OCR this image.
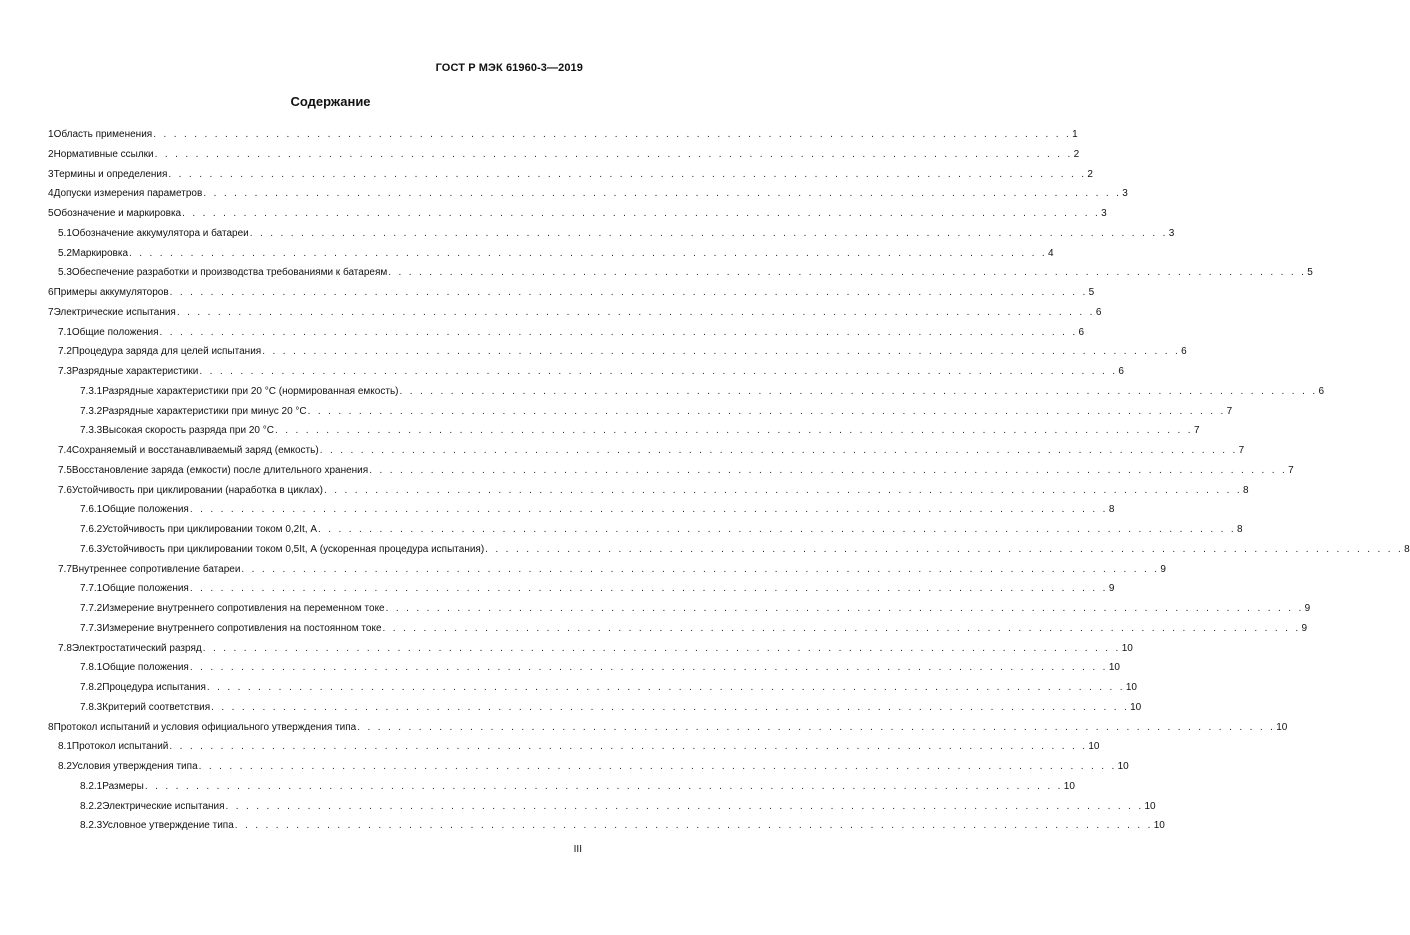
ГОСТ Р МЭК 61960-3—2019
Содержание
1 Область применения . . . . . . . . . . . . . . . . . . . . . . . . . . . . . . . . . . . . . . . . . . . . . . . . . . . . . . . . . . . . . . . . . . . . . . . . . . . . . . . . . . . . . . . . . . 1
2 Нормативные ссылки . . . . . . . . . . . . . . . . . . . . . . . . . . . . . . . . . . . . . . . . . . . . . . . . . . . . . . . . . . . . . . . . . . . . . . . . . . . . . . . . . . . . . . . . . . 2
3 Термины и определения . . . . . . . . . . . . . . . . . . . . . . . . . . . . . . . . . . . . . . . . . . . . . . . . . . . . . . . . . . . . . . . . . . . . . . . . . . . . . . . . . . . . . . . . . . 2
4 Допуски измерения параметров . . . . . . . . . . . . . . . . . . . . . . . . . . . . . . . . . . . . . . . . . . . . . . . . . . . . . . . . . . . . . . . . . . . . . . . . . . . . . . . . . . . . . . . . . . 3
5 Обозначение и маркировка . . . . . . . . . . . . . . . . . . . . . . . . . . . . . . . . . . . . . . . . . . . . . . . . . . . . . . . . . . . . . . . . . . . . . . . . . . . . . . . . . . . . . . . . . . 3
5.1 Обозначение аккумулятора и батареи . . . . . . . . . . . . . . . . . . . . . . . . . . . . . . . . . . . . . . . . . . . . . . . . . . . . . . . . . . . . . . . . . . . . . . . . . . . . . . . . . . . . . . . . . . 3
5.2 Маркировка . . . . . . . . . . . . . . . . . . . . . . . . . . . . . . . . . . . . . . . . . . . . . . . . . . . . . . . . . . . . . . . . . . . . . . . . . . . . . . . . . . . . . . . . . . 4
5.3 Обеспечение разработки и производства требованиями к батареям . . . . . . . . . . . . . . . . . . . . . . . . . . . . . . . . . . . . . . . . . . . . . . . . . . . . . . . . . . . . . . . . . . . . . . . . . . . . . . . . . . . . . . . . . . 5
6 Примеры аккумуляторов . . . . . . . . . . . . . . . . . . . . . . . . . . . . . . . . . . . . . . . . . . . . . . . . . . . . . . . . . . . . . . . . . . . . . . . . . . . . . . . . . . . . . . . . . . 5
7 Электрические испытания . . . . . . . . . . . . . . . . . . . . . . . . . . . . . . . . . . . . . . . . . . . . . . . . . . . . . . . . . . . . . . . . . . . . . . . . . . . . . . . . . . . . . . . . . . 6
7.1 Общие положения . . . . . . . . . . . . . . . . . . . . . . . . . . . . . . . . . . . . . . . . . . . . . . . . . . . . . . . . . . . . . . . . . . . . . . . . . . . . . . . . . . . . . . . . . . 6
7.2 Процедура заряда для целей испытания . . . . . . . . . . . . . . . . . . . . . . . . . . . . . . . . . . . . . . . . . . . . . . . . . . . . . . . . . . . . . . . . . . . . . . . . . . . . . . . . . . . . . . . . . . 6
7.3 Разрядные характеристики . . . . . . . . . . . . . . . . . . . . . . . . . . . . . . . . . . . . . . . . . . . . . . . . . . . . . . . . . . . . . . . . . . . . . . . . . . . . . . . . . . . . . . . . . . 6
7.3.1 Разрядные характеристики при 20 °С (нормированная емкость) . . . . . . . . . . . . . . . . . . . . . . . . . . . . . . . . . . . . . . . . . . . . . . . . . . . . . . . . . . . . . . . . . . . . . . . . . . . . . . . . . . . . . . . . . . 6
7.3.2 Разрядные характеристики при минус 20 °С . . . . . . . . . . . . . . . . . . . . . . . . . . . . . . . . . . . . . . . . . . . . . . . . . . . . . . . . . . . . . . . . . . . . . . . . . . . . . . . . . . . . . . . . . . 7
7.3.3 Высокая скорость разряда при 20 °С . . . . . . . . . . . . . . . . . . . . . . . . . . . . . . . . . . . . . . . . . . . . . . . . . . . . . . . . . . . . . . . . . . . . . . . . . . . . . . . . . . . . . . . . . . 7
7.4 Сохраняемый и восстанавливаемый заряд (емкость) . . . . . . . . . . . . . . . . . . . . . . . . . . . . . . . . . . . . . . . . . . . . . . . . . . . . . . . . . . . . . . . . . . . . . . . . . . . . . . . . . . . . . . . . . . 7
7.5 Восстановление заряда (емкости) после длительного хранения . . . . . . . . . . . . . . . . . . . . . . . . . . . . . . . . . . . . . . . . . . . . . . . . . . . . . . . . . . . . . . . . . . . . . . . . . . . . . . . . . . . . . . . . . . 7
7.6 Устойчивость при циклировании (наработка в циклах) . . . . . . . . . . . . . . . . . . . . . . . . . . . . . . . . . . . . . . . . . . . . . . . . . . . . . . . . . . . . . . . . . . . . . . . . . . . . . . . . . . . . . . . . . . 8
7.6.1 Общие положения . . . . . . . . . . . . . . . . . . . . . . . . . . . . . . . . . . . . . . . . . . . . . . . . . . . . . . . . . . . . . . . . . . . . . . . . . . . . . . . . . . . . . . . . . . 8
7.6.2 Устойчивость при циклировании током 0,2It, А . . . . . . . . . . . . . . . . . . . . . . . . . . . . . . . . . . . . . . . . . . . . . . . . . . . . . . . . . . . . . . . . . . . . . . . . . . . . . . . . . . . . . . . . . . 8
7.6.3 Устойчивость при циклировании током 0,5It, А (ускоренная процедура испытания) . . . . . . . . . . . . . . . . . . . . . . . . . . . . . . . . . . . . . . . . . . . . . . . . . . . . . . . . . . . . . . . . . . . . . . . . . . . . . . . . . . . . . . . . . . 8
7.7 Внутреннее сопротивление батареи . . . . . . . . . . . . . . . . . . . . . . . . . . . . . . . . . . . . . . . . . . . . . . . . . . . . . . . . . . . . . . . . . . . . . . . . . . . . . . . . . . . . . . . . . . 9
7.7.1 Общие положения . . . . . . . . . . . . . . . . . . . . . . . . . . . . . . . . . . . . . . . . . . . . . . . . . . . . . . . . . . . . . . . . . . . . . . . . . . . . . . . . . . . . . . . . . . 9
7.7.2 Измерение внутреннего сопротивления на переменном токе . . . . . . . . . . . . . . . . . . . . . . . . . . . . . . . . . . . . . . . . . . . . . . . . . . . . . . . . . . . . . . . . . . . . . . . . . . . . . . . . . . . . . . . . . . 9
7.7.3 Измерение внутреннего сопротивления на постоянном токе . . . . . . . . . . . . . . . . . . . . . . . . . . . . . . . . . . . . . . . . . . . . . . . . . . . . . . . . . . . . . . . . . . . . . . . . . . . . . . . . . . . . . . . . . . 9
7.8 Электростатический разряд . . . . . . . . . . . . . . . . . . . . . . . . . . . . . . . . . . . . . . . . . . . . . . . . . . . . . . . . . . . . . . . . . . . . . . . . . . . . . . . . . . . . . . . . . . 10
7.8.1 Общие положения . . . . . . . . . . . . . . . . . . . . . . . . . . . . . . . . . . . . . . . . . . . . . . . . . . . . . . . . . . . . . . . . . . . . . . . . . . . . . . . . . . . . . . . . . . 10
7.8.2 Процедура испытания . . . . . . . . . . . . . . . . . . . . . . . . . . . . . . . . . . . . . . . . . . . . . . . . . . . . . . . . . . . . . . . . . . . . . . . . . . . . . . . . . . . . . . . . . . 10
7.8.3 Критерий соответствия . . . . . . . . . . . . . . . . . . . . . . . . . . . . . . . . . . . . . . . . . . . . . . . . . . . . . . . . . . . . . . . . . . . . . . . . . . . . . . . . . . . . . . . . . . 10
8 Протокол испытаний и условия официального утверждения типа . . . . . . . . . . . . . . . . . . . . . . . . . . . . . . . . . . . . . . . . . . . . . . . . . . . . . . . . . . . . . . . . . . . . . . . . . . . . . . . . . . . . . . . . . . 10
8.1 Протокол испытаний . . . . . . . . . . . . . . . . . . . . . . . . . . . . . . . . . . . . . . . . . . . . . . . . . . . . . . . . . . . . . . . . . . . . . . . . . . . . . . . . . . . . . . . . . . 10
8.2 Условия утверждения типа . . . . . . . . . . . . . . . . . . . . . . . . . . . . . . . . . . . . . . . . . . . . . . . . . . . . . . . . . . . . . . . . . . . . . . . . . . . . . . . . . . . . . . . . . . 10
8.2.1 Размеры . . . . . . . . . . . . . . . . . . . . . . . . . . . . . . . . . . . . . . . . . . . . . . . . . . . . . . . . . . . . . . . . . . . . . . . . . . . . . . . . . . . . . . . . . . 10
8.2.2 Электрические испытания . . . . . . . . . . . . . . . . . . . . . . . . . . . . . . . . . . . . . . . . . . . . . . . . . . . . . . . . . . . . . . . . . . . . . . . . . . . . . . . . . . . . . . . . . . 10
8.2.3 Условное утверждение типа . . . . . . . . . . . . . . . . . . . . . . . . . . . . . . . . . . . . . . . . . . . . . . . . . . . . . . . . . . . . . . . . . . . . . . . . . . . . . . . . . . . . . . . . . . 10
III
